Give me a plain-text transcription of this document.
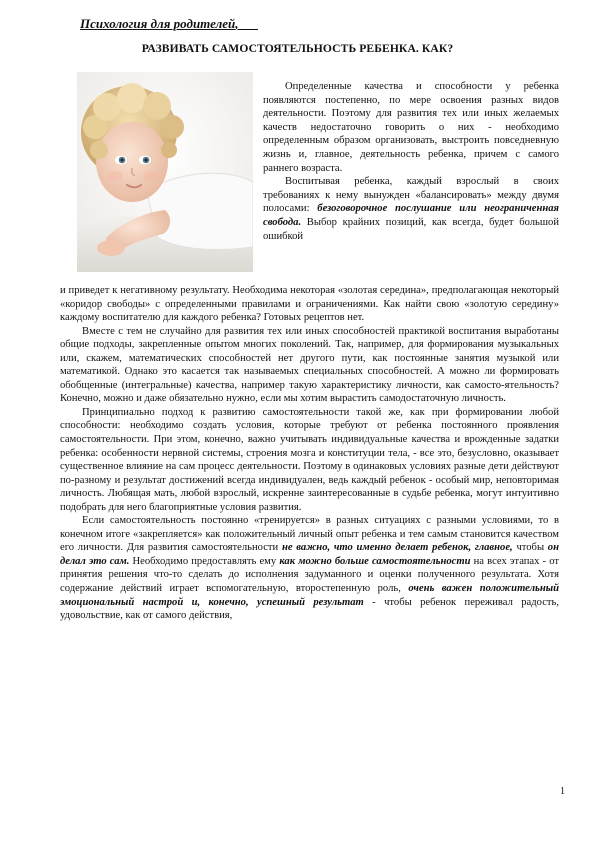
Психология для родителей,
РАЗВИВАТЬ САМОСТОЯТЕЛЬНОСТЬ РЕБЕНКА. КАК?

Определенные качества и способности у ребенка появляются постепенно, по мере освоения разных видов деятельности. Поэтому для развития тех или иных желаемых качеств недостаточно говорить о них - необходимо определенным образом организовать, выстроить повседневную жизнь и, главное, деятельность ребенка, причем с самого раннего возраста.

Воспитывая ребенка, каждый взрослый в своих требованиях к нему вынужден «балансировать» между двумя полосами: безоговорочное послушание или неограниченная свобода. Выбор крайних позиций, как всегда, будет большой ошибкой

и приведет к негативному результату. Необходима некоторая «золотая середина», предполагающая некоторый «коридор свободы» с определенными правилами и ограничениями. Как найти свою «золотую середину» каждому воспитателю для каждого ребенка? Готовых рецептов нет.

Вместе с тем не случайно для развития тех или иных способностей практикой воспитания выработаны общие подходы, закрепленные опытом многих поколений. Так, например, для формирования музыкальных или, скажем, математических способностей нет другого пути, как постоянные занятия музыкой или математикой. Однако это касается так называемых специальных способностей. А можно ли формировать обобщенные (интегральные) качества, например такую характеристику личности, как самосто-ятельность? Конечно, можно и даже обязательно нужно, если мы хотим вырастить самодостаточную личность.

Принципиально подход к развитию самостоятельности такой же, как при формировании любой способности: необходимо создать условия, которые требуют от ребенка постоянного проявления самостоятельности. При этом, конечно, важно учитывать индивидуальные качества и врожденные задатки ребенка: особенности нервной системы, строения мозга и конституции тела, - все это, безусловно, оказывает существенное влияние на сам процесс деятельности. Поэтому в одинаковых условиях разные дети действуют по-разному и результат достижений всегда индивидуален, ведь каждый ребенок - особый мир, неповторимая личность. Любящая мать, любой взрослый, искренне заинтересованные в судьбе ребенка, могут интуитивно подобрать для него благоприятные условия развития.

Если самостоятельность постоянно «тренируется» в разных ситуациях с разными условиями, то в конечном итоге «закрепляется» как положительный личный опыт ребенка и тем самым становится качеством его личности. Для развития самостоятельности не важно, что именно делает ребенок, главное, чтобы он делал это сам. Необходимо предоставлять ему как можно больше самостоятельности на всех этапах - от принятия решения что-то сделать до исполнения задуманного и оценки полученного результата. Хотя содержание действий играет вспомогательную, второстепенную роль, очень важен положительный эмоциональный настрой и, конечно, успешный результат - чтобы ребенок переживал радость, удовольствие, как от самого действия,

1
